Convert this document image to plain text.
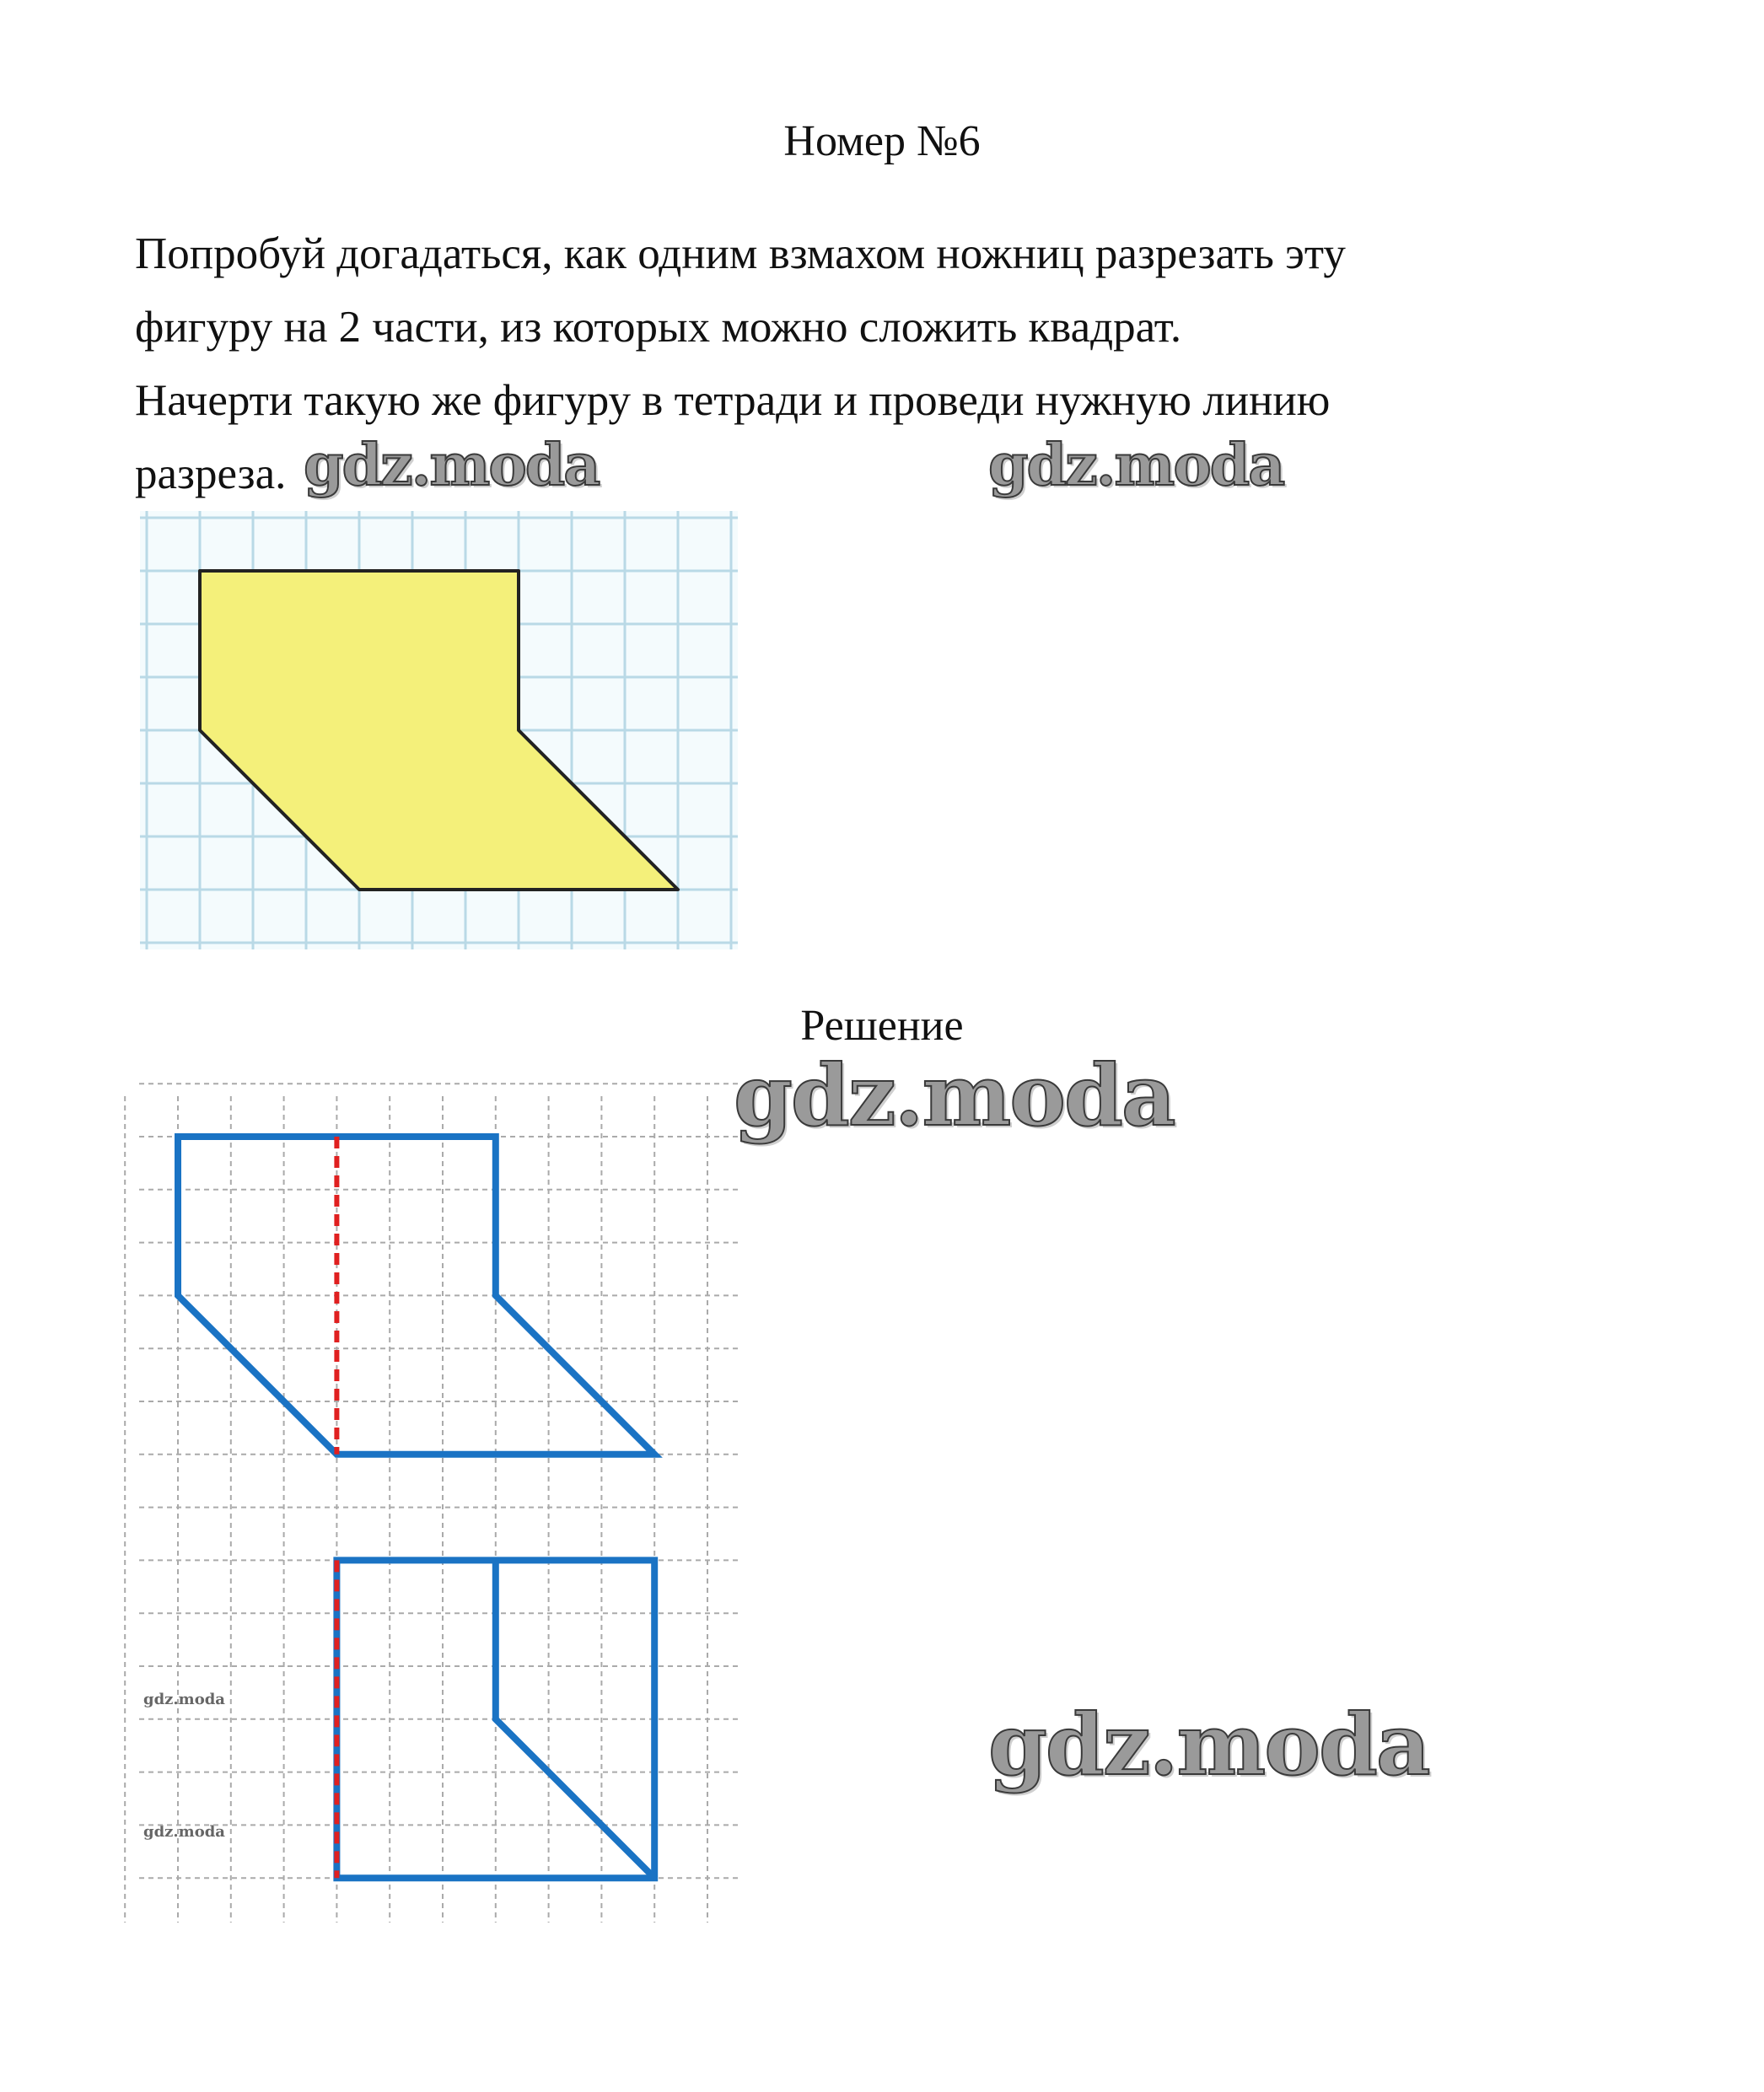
Номер №6
Попробуй догадаться, как одним взмахом ножниц разрезать эту
фигуру на 2 части, из которых можно сложить квадрат.
Начерти такую же фигуру в тетради и проведи нужную линию
разреза. gdz.moda	gdz.moda
gdz.moda
gdz.moda
gdz.moda
gdz.moda
Решение
